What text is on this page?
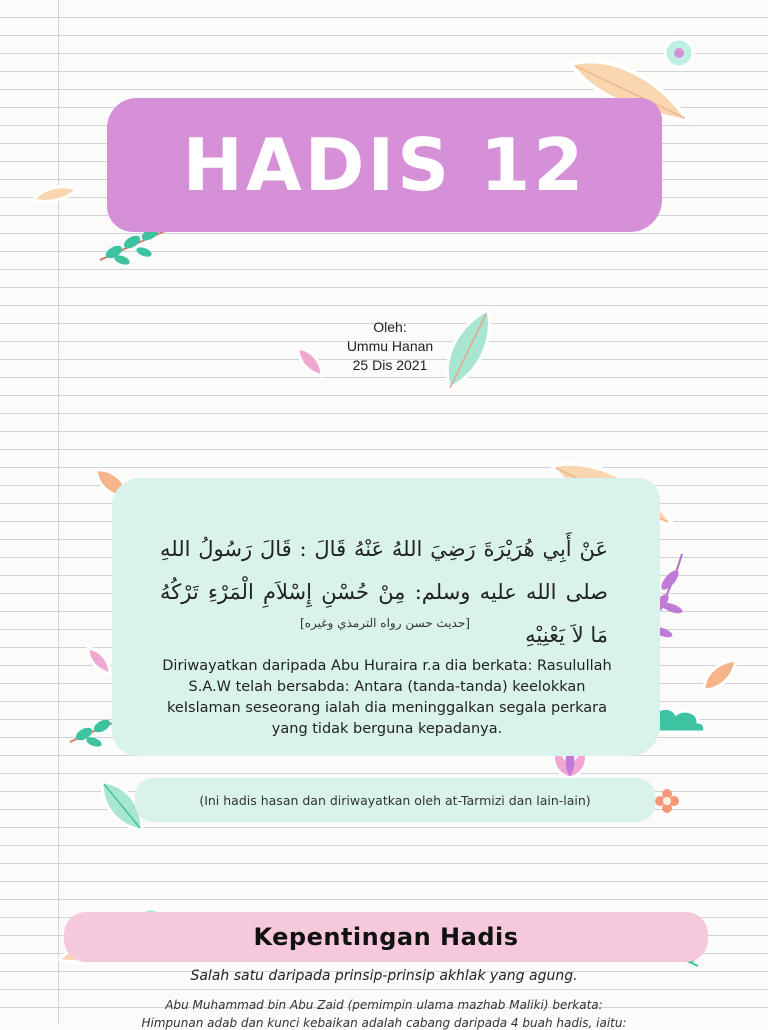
HADIS 12
Oleh:
Ummu Hanan
25 Dis 2021
عَنْ أَبِي هُرَيْرَةَ رَضِيَ اللهُ عَنْهُ قَالَ : قَالَ رَسُولُ اللهِ صلى الله عليه وسلم: مِنْ حُسْنِ إِسْلاَمِ الْمَرْءِ تَرْكُهُ مَا لاَ يَعْنِيْهِ
[حديث حسن رواه الترمذي وغيره]
Diriwayatkan daripada Abu Huraira r.a dia berkata: Rasulullah S.A.W telah bersabda: Antara (tanda-tanda) keelokkan keIslaman seseorang ialah dia meninggalkan segala perkara yang tidak berguna kepadanya.
(Ini hadis hasan dan diriwayatkan oleh at-Tarmizi dan lain-lain)
Kepentingan Hadis
Salah satu daripada prinsip-prinsip akhlak yang agung.
Abu Muhammad bin Abu Zaid (pemimpin ulama mazhab Maliki) berkata:
Himpunan adab dan kunci kebaikan adalah cabang daripada 4 buah hadis, iaitu:
